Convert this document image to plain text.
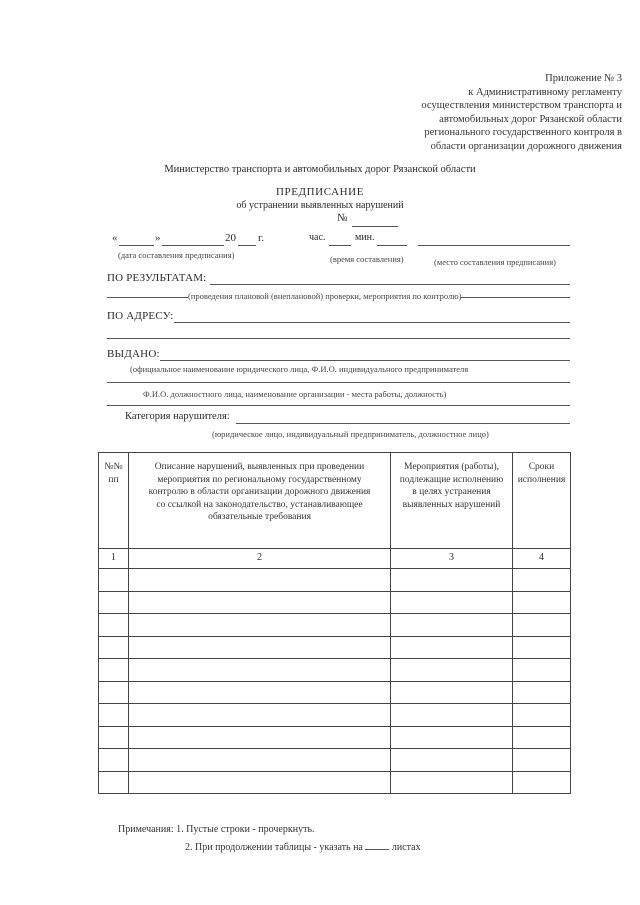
Приложение № 3
к Административному регламенту
осуществления министерством транспорта и
автомобильных дорог Рязанской области
регионального государственного контроля в
области организации дорожного движения
Министерство транспорта и автомобильных дорог Рязанской области
ПРЕДПИСАНИЕ
об устранении выявленных нарушений
№
«	»	20 г.	час.	мин.
(дата составления предписания)	(время составления)	(место составления предписания)
ПО РЕЗУЛЬТАТАМ:
(проведения плановой (внеплановой) проверки, мероприятия по контролю)
ПО АДРЕСУ:
ВЫДАНО:
(официальное наименование юридического лица, Ф.И.О. индивидуального предпринимателя
Ф.И.О. должностного лица, наименование организации - места работы, должность)
Категория нарушителя:
(юридическое лицо, индивидуальный предприниматель, должностное лицо)
№№ пп	Описание нарушений, выявленных при проведении мероприятия по региональному государственному контролю в области организации дорожного движения со ссылкой на законодательство, устанавливающее обязательные требования	Мероприятия (работы), подлежащие исполнению в целях устранения выявленных нарушений	Сроки исполнения
1	2	3	4

Примечания: 1. Пустые строки - прочеркнуть.
2. При продолжении таблицы - указать на	листах
